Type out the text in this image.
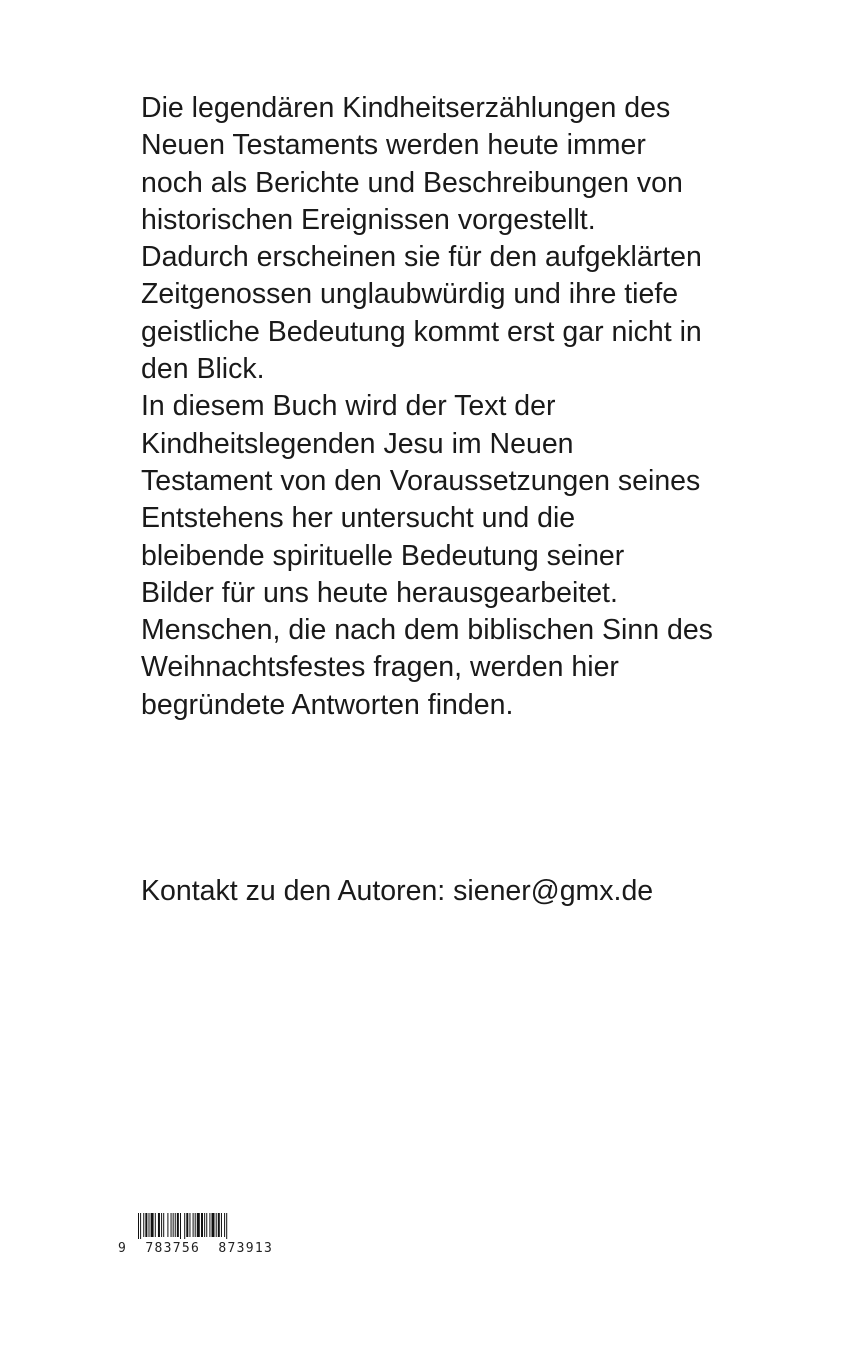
Die legendären Kindheitserzählungen des
Neuen Testaments werden heute immer
noch als Berichte und Beschreibungen von
historischen Ereignissen vorgestellt.
Dadurch erscheinen sie für den aufgeklärten
Zeitgenossen unglaubwürdig und ihre tiefe
geistliche Bedeutung kommt erst gar nicht in
den Blick.
In diesem Buch wird der Text der
Kindheitslegenden Jesu im Neuen
Testament von den Voraussetzungen seines
Entstehens her untersucht und die
bleibende spirituelle Bedeutung seiner
Bilder für uns heute herausgearbeitet.
Menschen, die nach dem biblischen Sinn des
Weihnachtsfestes fragen, werden hier
begründete Antworten finden.
Kontakt zu den Autoren: siener@gmx.de
9  783756  873913
